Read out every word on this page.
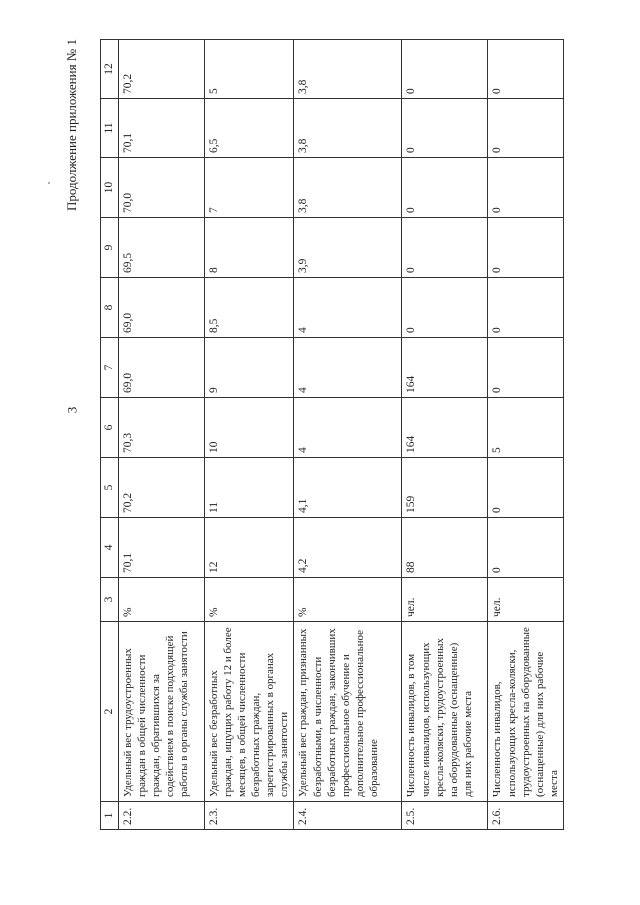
Продолжение приложения № 1
3
1	2	3	4	5	6	7	8	9	10	11	12
2.2.	Удельный вес трудоустроенных граждан в общей численности граждан, обратившихся за содействием в поиске подходящей работы в органы службы занятости	%	70,1	70,2	70,3	69,0	69,0	69,5	70,0	70,1	70,2
2.3.	Удельный вес безработных граждан, ищущих работу 12 и более месяцев, в общей численности безработных граждан, зарегистрированных в органах службы занятости	%	12	11	10	9	8,5	8	7	6,5	5
2.4.	Удельный вес граждан, признанных безработными, в численности безработных граждан, закончивших профессиональное обучение и дополнительное профессиональное образование	%	4,2	4,1	4	4	4	3,9	3,8	3,8	3,8
2.5.	Численность инвалидов, в том числе инвалидов, использующих кресла-коляски, трудоустроенных на оборудованные (оснащенные) для них рабочие места	чел.	88	159	164	164	0	0	0	0	0
2.6.	Численность инвалидов, использующих кресла-коляски, трудоустроенных на оборудованные (оснащенные) для них рабочие места	чел.	0	0	5	0	0	0	0	0	0
